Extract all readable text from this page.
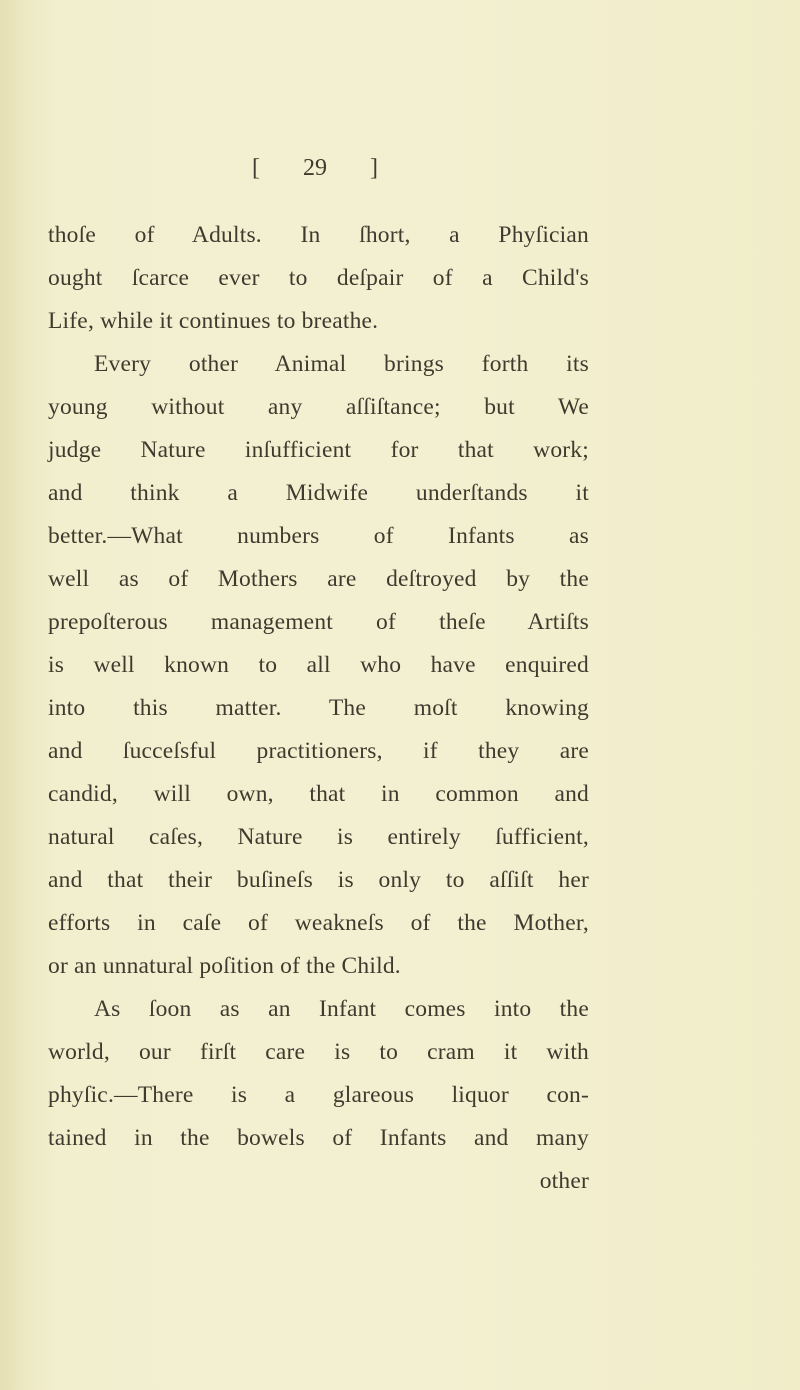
[ 29 ]
thoſe of Adults. In ſhort, a Phyſician
ought ſcarce ever to deſpair of a Child's
Life, while it continues to breathe.
Every other Animal brings forth its
young without any aſſiſtance; but We
judge Nature inſufficient for that work;
and think a Midwife underſtands it
better.—What numbers of Infants as
well as of Mothers are deſtroyed by the
prepoſterous management of theſe Artiſts
is well known to all who have enquired
into this matter. The moſt knowing
and ſucceſsful practitioners, if they are
candid, will own, that in common and
natural caſes, Nature is entirely ſufficient,
and that their buſineſs is only to aſſiſt her
efforts in caſe of weakneſs of the Mother,
or an unnatural poſition of the Child.
As ſoon as an Infant comes into the
world, our firſt care is to cram it with
phyſic.—There is a glareous liquor con-
tained in the bowels of Infants and many
other
